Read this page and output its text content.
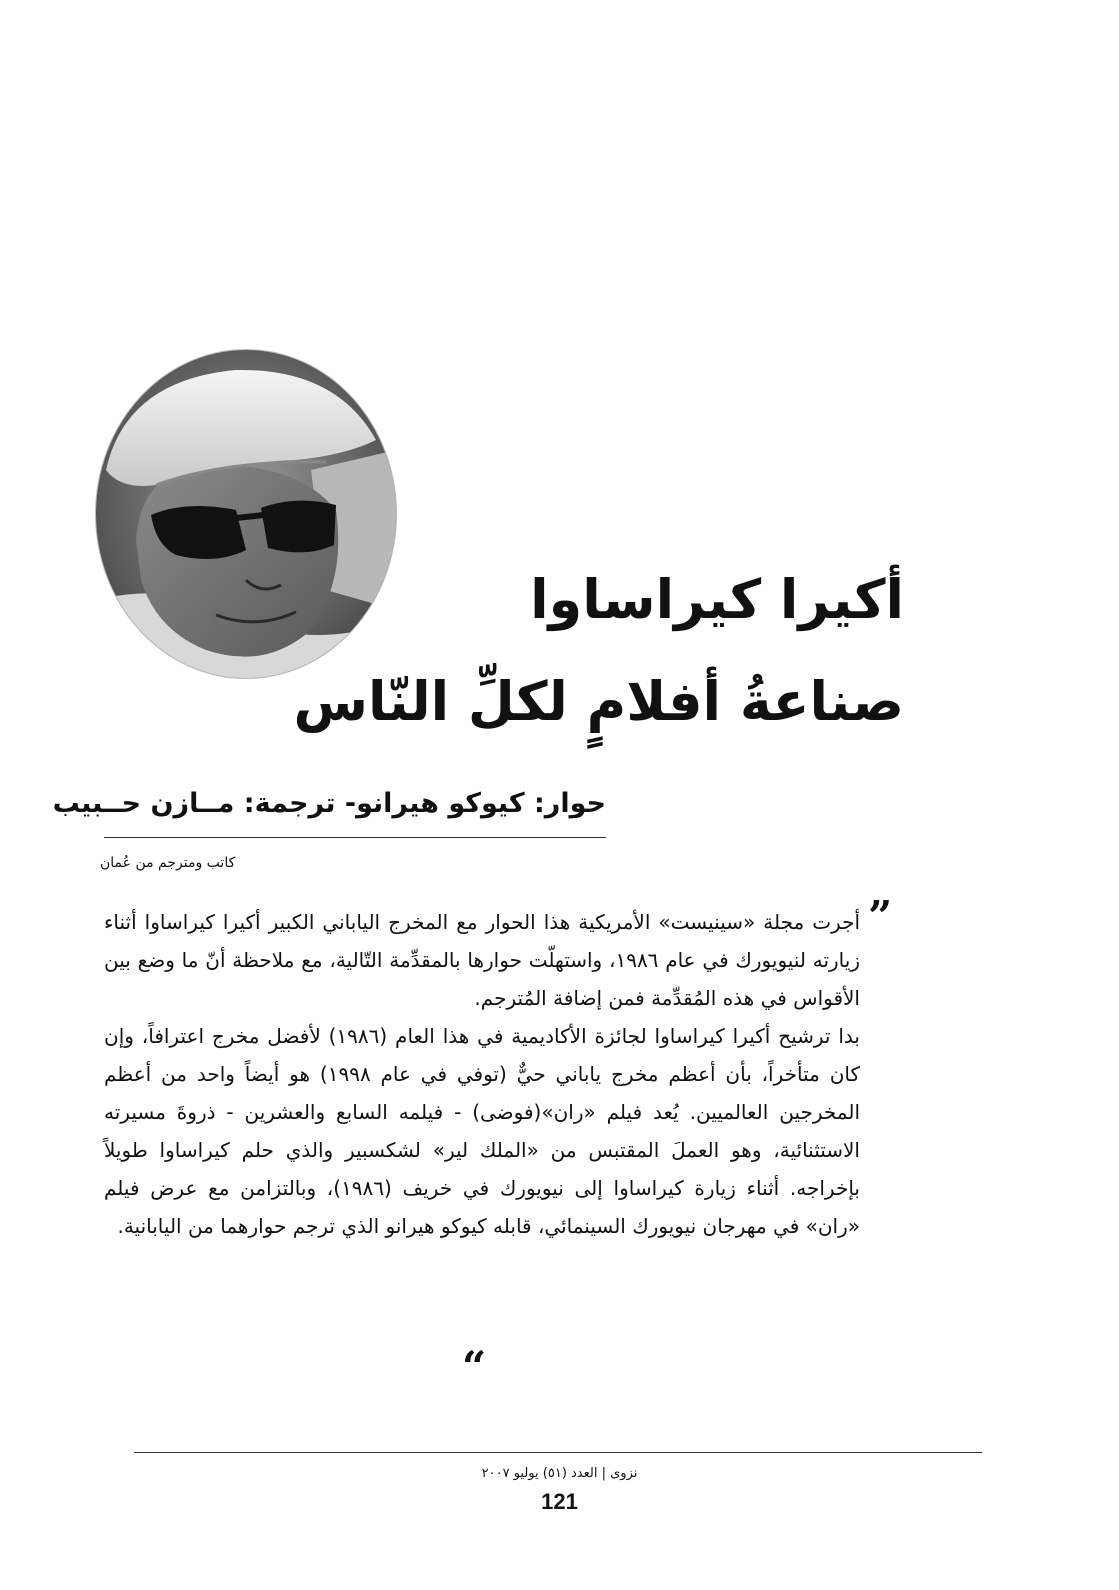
أكيرا كيراساوا
صناعةُ أفلامٍ لكلِّ النّاس
حوار: كيوكو هيرانو- ترجمة: مــازن حــبيب
كاتب ومترجم من عُمان
”

أجرت مجلة «سينيست» الأمريكية هذا الحوار مع المخرج الياباني الكبير أكيرا كيراساوا أثناء زيارته لنيويورك في عام ١٩٨٦، واستهلّت حوارها بالمقدِّمة التّالية، مع ملاحظة أنّ ما وضع بين الأقواس في هذه المُقدِّمة فمن إضافة المُترجم.

بدا ترشيح أكيرا كيراساوا لجائزة الأكاديمية في هذا العام (١٩٨٦) لأفضل مخرج اعترافاً، وإن كان متأخراً، بأن أعظم مخرج ياباني حيٌّ (توفي في عام ١٩٩٨) هو أيضاً واحد من أعظم المخرجين العالميين. يُعد فيلم «ران»(فوضى) - فيلمه السابع والعشرين - ذروةَ مسيرته الاستثنائية، وهو العملَ المقتبس من «الملك لير» لشكسبير والذي حلم كيراساوا طويلاً بإخراجه. أثناء زيارة كيراساوا إلى نيويورك في خريف (١٩٨٦)، وبالتزامن مع عرض فيلم «ران» في مهرجان نيويورك السينمائي، قابله كيوكو هيرانو الذي ترجم حوارهما من اليابانية.

“
نزوى | العدد (٥١) يوليو ٢٠٠٧
121
